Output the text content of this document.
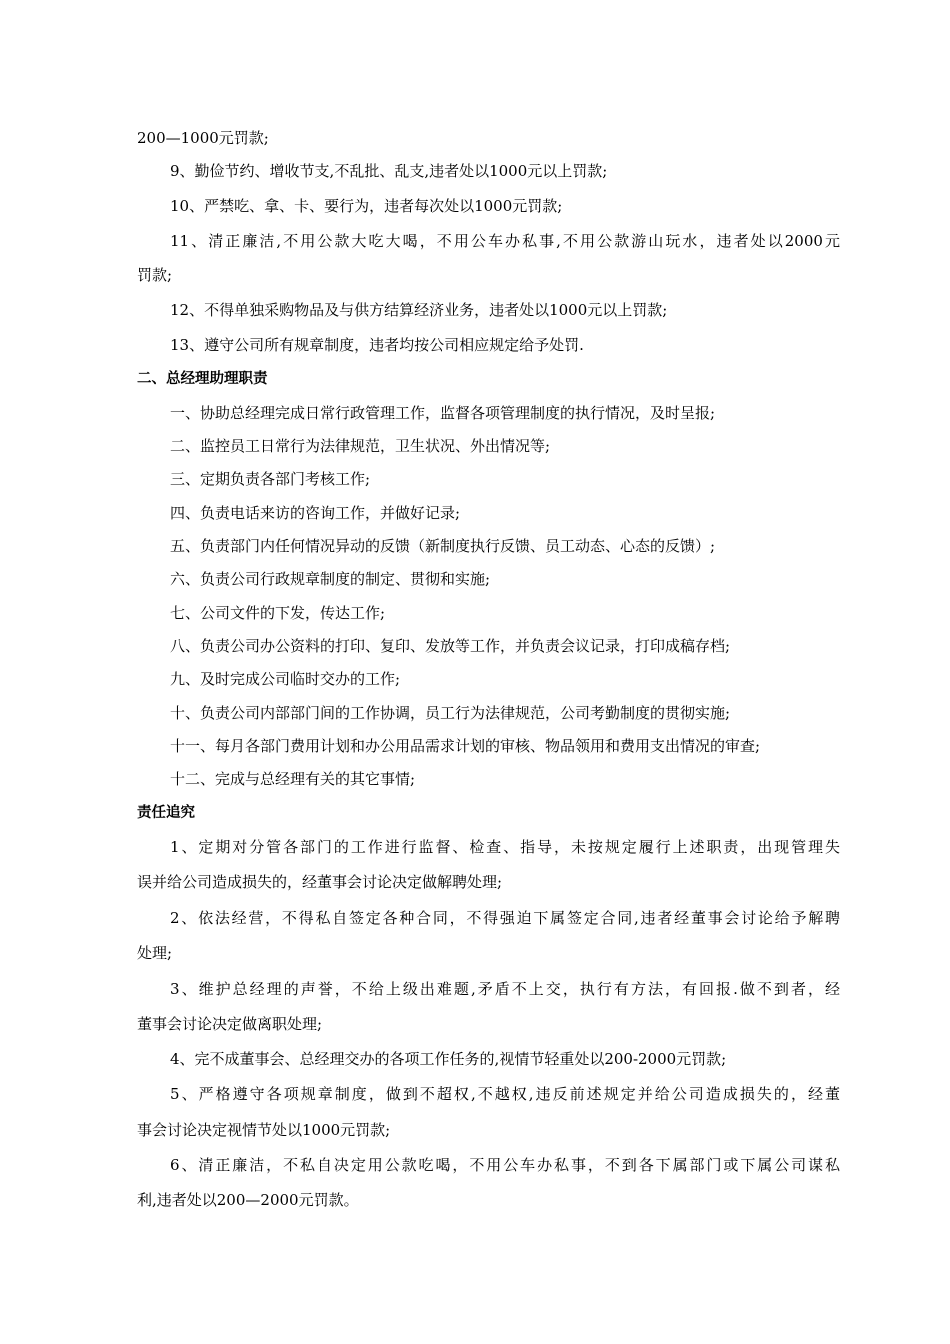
200—1000元罚款;
9、勤俭节约、增收节支,不乱批、乱支,违者处以1000元以上罚款;
10、严禁吃、拿、卡、要行为，违者每次处以1000元罚款;
11、清正廉洁,不用公款大吃大喝，不用公车办私事,不用公款游山玩水，违者处以2000元
罚款;
12、不得单独采购物品及与供方结算经济业务，违者处以1000元以上罚款;
13、遵守公司所有规章制度，违者均按公司相应规定给予处罚.
二、总经理助理职责
一、协助总经理完成日常行政管理工作，监督各项管理制度的执行情况，及时呈报;
二、监控员工日常行为法律规范，卫生状况、外出情况等;
三、定期负责各部门考核工作;
四、负责电话来访的咨询工作，并做好记录;
五、负责部门内任何情况异动的反馈（新制度执行反馈、员工动态、心态的反馈）;
六、负责公司行政规章制度的制定、贯彻和实施;
七、公司文件的下发，传达工作;
八、负责公司办公资料的打印、复印、发放等工作，并负责会议记录，打印成稿存档;
九、及时完成公司临时交办的工作;
十、负责公司内部部门间的工作协调，员工行为法律规范，公司考勤制度的贯彻实施;
十一、每月各部门费用计划和办公用品需求计划的审核、物品领用和费用支出情况的审查;
十二、完成与总经理有关的其它事情;
责任追究
1、定期对分管各部门的工作进行监督、检查、指导，未按规定履行上述职责，出现管理失
误并给公司造成损失的，经董事会讨论决定做解聘处理;
2、依法经营，不得私自签定各种合同，不得强迫下属签定合同,违者经董事会讨论给予解聘
处理;
3、维护总经理的声誉，不给上级出难题,矛盾不上交，执行有方法，有回报.做不到者，经
董事会讨论决定做离职处理;
4、完不成董事会、总经理交办的各项工作任务的,视情节轻重处以200-2000元罚款;
5、严格遵守各项规章制度，做到不超权,不越权,违反前述规定并给公司造成损失的，经董
事会讨论决定视情节处以1000元罚款;
6、清正廉洁，不私自决定用公款吃喝，不用公车办私事，不到各下属部门或下属公司谋私
利,违者处以200—2000元罚款。
